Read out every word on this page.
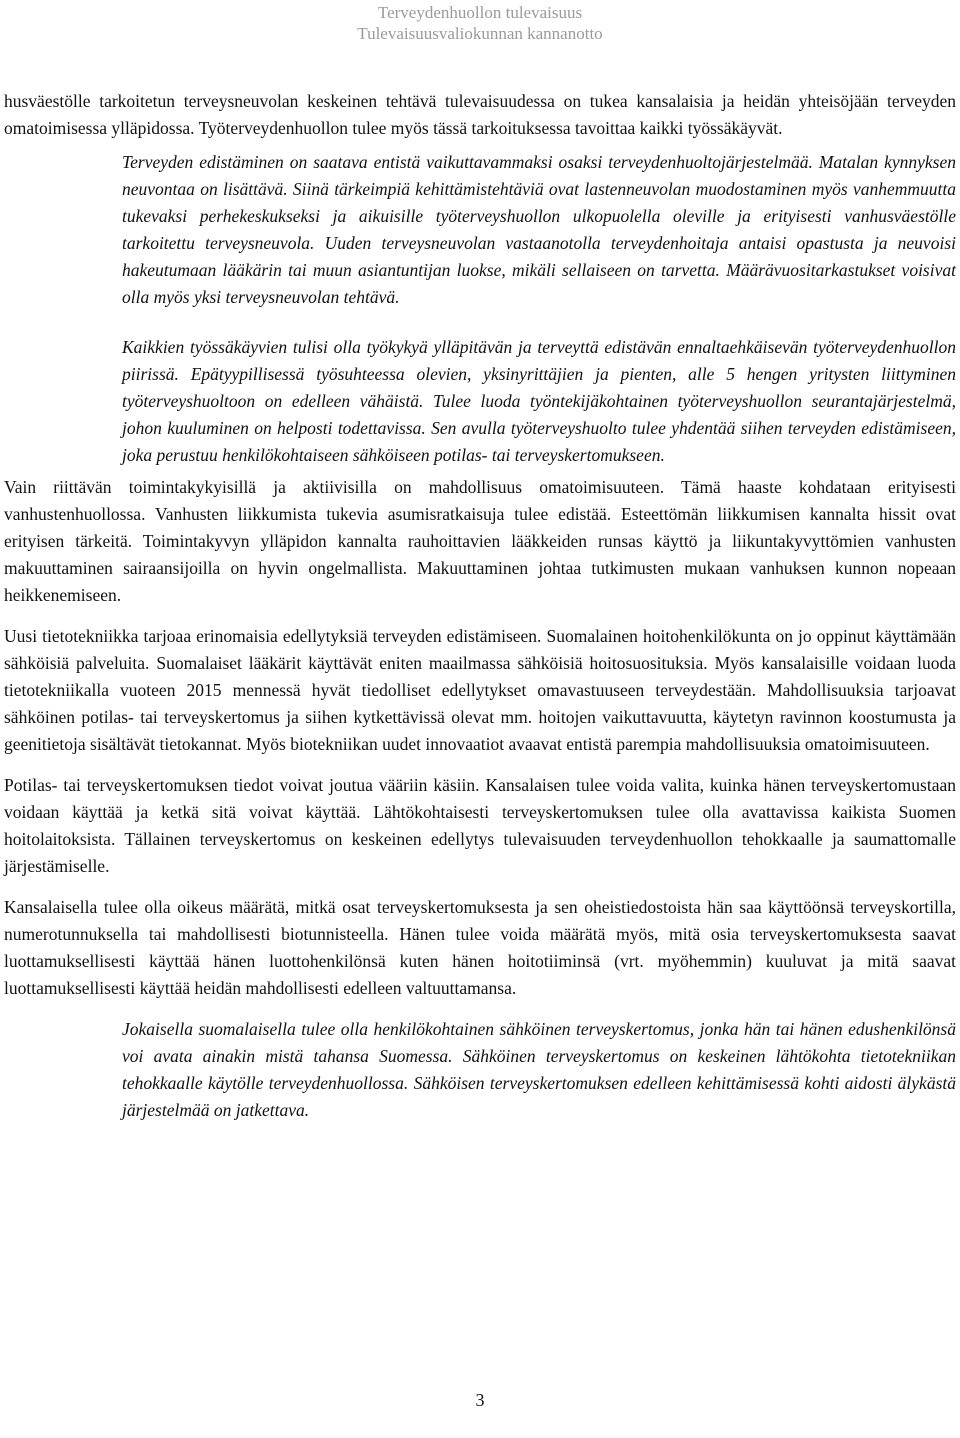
Terveydenhuollon tulevaisuus
Tulevaisuusvaliokunnan kannanotto

husväestölle tarkoitetun terveysneuvolan keskeinen tehtävä tulevaisuudessa on tukea kansalaisia ja heidän yhteisöjään terveyden omatoimisessa ylläpidossa. Työterveydenhuollon tulee myös tässä tarkoituksessa tavoittaa kaikki työssäkäyvät.

Terveyden edistäminen on saatava entistä vaikuttavammaksi osaksi terveydenhuoltojärjestelmää. Matalan kynnyksen neuvontaa on lisättävä. Siinä tärkeimpiä kehittämistehtäviä ovat lastenneuvolan muodostaminen myös vanhemmuutta tukevaksi perhekeskukseksi ja aikuisille työterveyshuollon ulkopuolella oleville ja erityisesti vanhusväestölle tarkoitettu terveysneuvola. Uuden terveysneuvolan vastaanotolla terveydenhoitaja antaisi opastusta ja neuvoisi hakeutumaan lääkärin tai muun asiantuntijan luokse, mikäli sellaiseen on tarvetta. Määrävuositarkastukset voisivat olla myös yksi terveysneuvolan tehtävä.

Kaikkien työssäkäyvien tulisi olla työkykyä ylläpitävän ja terveyttä edistävän ennaltaehkäisevän työterveydenhuollon piirissä. Epätyypillisessä työsuhteessa olevien, yksinyrittäjien ja pienten, alle 5 hengen yritysten liittyminen työterveyshuoltoon on edelleen vähäistä. Tulee luoda työntekijäkohtainen työterveyshuollon seurantajärjestelmä, johon kuuluminen on helposti todettavissa. Sen avulla työterveyshuolto tulee yhdentää siihen terveyden edistämiseen, joka perustuu henkilökohtaiseen sähköiseen potilas- tai terveyskertomukseen.

Vain riittävän toimintakykyisillä ja aktiivisilla on mahdollisuus omatoimisuuteen. Tämä haaste kohdataan erityisesti vanhustenhuollossa. Vanhusten liikkumista tukevia asumisratkaisuja tulee edistää. Esteettömän liikkumisen kannalta hissit ovat erityisen tärkeitä. Toimintakyvyn ylläpidon kannalta rauhoittavien lääkkeiden runsas käyttö ja liikuntakyvyttömien vanhusten makuuttaminen sairaansijoilla on hyvin ongelmallista. Makuuttaminen johtaa tutkimusten mukaan vanhuksen kunnon nopeaan heikkenemiseen.

Uusi tietotekniikka tarjoaa erinomaisia edellytyksiä terveyden edistämiseen. Suomalainen hoitohenkilökunta on jo oppinut käyttämään sähköisiä palveluita. Suomalaiset lääkärit käyttävät eniten maailmassa sähköisiä hoitosuosituksia. Myös kansalaisille voidaan luoda tietotekniikalla vuoteen 2015 mennessä hyvät tiedolliset edellytykset omavastuuseen terveydestään. Mahdollisuuksia tarjoavat sähköinen potilas- tai terveyskertomus ja siihen kytkettävissä olevat mm. hoitojen vaikuttavuutta, käytetyn ravinnon koostumusta ja geenitietoja sisältävät tietokannat. Myös biotekniikan uudet innovaatiot avaavat entistä parempia mahdollisuuksia omatoimisuuteen.

Potilas- tai terveyskertomuksen tiedot voivat joutua vääriin käsiin. Kansalaisen tulee voida valita, kuinka hänen terveyskertomustaan voidaan käyttää ja ketkä sitä voivat käyttää. Lähtökohtaisesti terveyskertomuksen tulee olla avattavissa kaikista Suomen hoitolaitoksista. Tällainen terveyskertomus on keskeinen edellytys tulevaisuuden terveydenhuollon tehokkaalle ja saumattomalle järjestämiselle.

Kansalaisella tulee olla oikeus määrätä, mitkä osat terveyskertomuksesta ja sen oheistiedostoista hän saa käyttöönsä terveyskortilla, numerotunnuksella tai mahdollisesti biotunnisteella. Hänen tulee voida määrätä myös, mitä osia terveyskertomuksesta saavat luottamuksellisesti käyttää hänen luottohenkilönsä kuten hänen hoitotiiminsä (vrt. myöhemmin) kuuluvat ja mitä saavat luottamuksellisesti käyttää heidän mahdollisesti edelleen valtuuttamansa.

Jokaisella suomalaisella tulee olla henkilökohtainen sähköinen terveyskertomus, jonka hän tai hänen edushenkilönsä voi avata ainakin mistä tahansa Suomessa. Sähköinen terveyskertomus on keskeinen lähtökohta tietotekniikan tehokkaalle käytölle terveydenhuollossa. Sähköisen terveyskertomuksen edelleen kehittämisessä kohti aidosti älykästä järjestelmää on jatkettava.

3
